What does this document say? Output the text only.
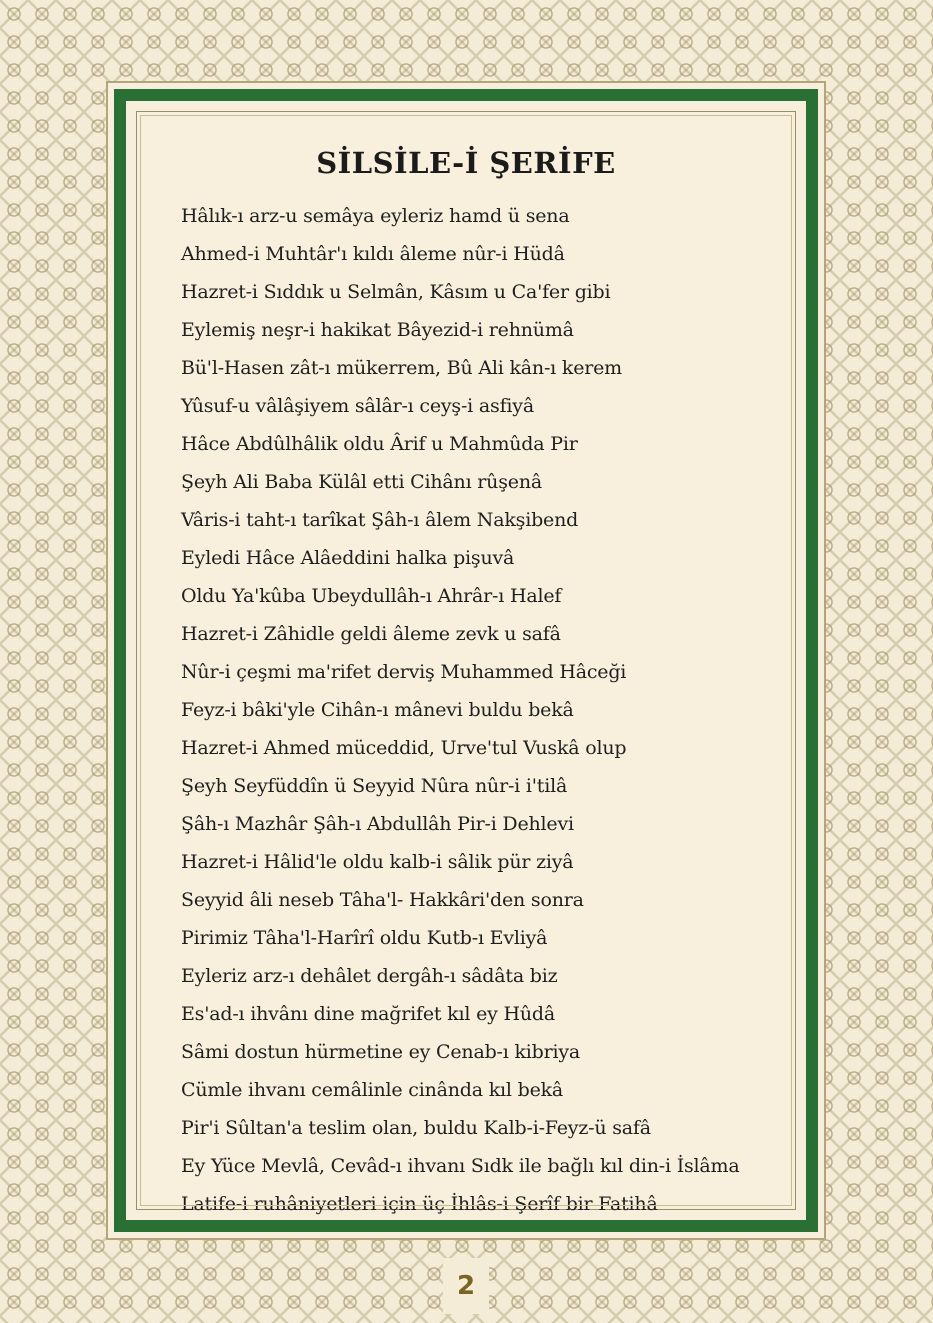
SİLSİLE-İ ŞERİFE
Hâlık-ı arz-u semâya eyleriz hamd ü sena
Ahmed-i Muhtâr'ı kıldı âleme nûr-i Hüdâ
Hazret-i Sıddık u Selmân, Kâsım u Ca'fer gibi
Eylemiş neşr-i hakikat Bâyezid-i rehnümâ
Bü'l-Hasen zât-ı mükerrem, Bû Ali kân-ı kerem
Yûsuf-u vâlâşiyem sâlâr-ı ceyş-i asfiyâ
Hâce Abdûlhâlik oldu Ârif u Mahmûda Pir
Şeyh Ali Baba Külâl etti Cihânı rûşenâ
Vâris-i taht-ı tarîkat Şâh-ı âlem Nakşibend
Eyledi Hâce Alâeddini halka pişuvâ
Oldu Ya'kûba Ubeydullâh-ı Ahrâr-ı Halef
Hazret-i Zâhidle geldi âleme zevk u safâ
Nûr-i çeşmi ma'rifet derviş Muhammed Hâceği
Feyz-i bâki'yle Cihân-ı mânevi buldu bekâ
Hazret-i Ahmed müceddid, Urve'tul Vuskâ olup
Şeyh Seyfüddîn ü Seyyid Nûra nûr-i i'tilâ
Şâh-ı Mazhâr Şâh-ı Abdullâh Pir-i Dehlevi
Hazret-i Hâlid'le oldu kalb-i sâlik pür ziyâ
Seyyid âli neseb Tâha'l- Hakkâri'den sonra
Pirimiz Tâha'l-Harîrî oldu Kutb-ı Evliyâ
Eyleriz arz-ı dehâlet dergâh-ı sâdâta biz
Es'ad-ı ihvânı dine mağrifet kıl ey Hûdâ
Sâmi dostun hürmetine ey Cenab-ı kibriya
Cümle ihvanı cemâlinle cinânda kıl bekâ
Pir'i Sûltan'a teslim olan, buldu Kalb-i-Feyz-ü safâ
Ey Yüce Mevlâ, Cevâd-ı ihvanı Sıdk ile bağlı kıl din-i İslâma
Latife-i ruhâniyetleri için üç İhlâs-i Şerîf bir Fatihâ
2
